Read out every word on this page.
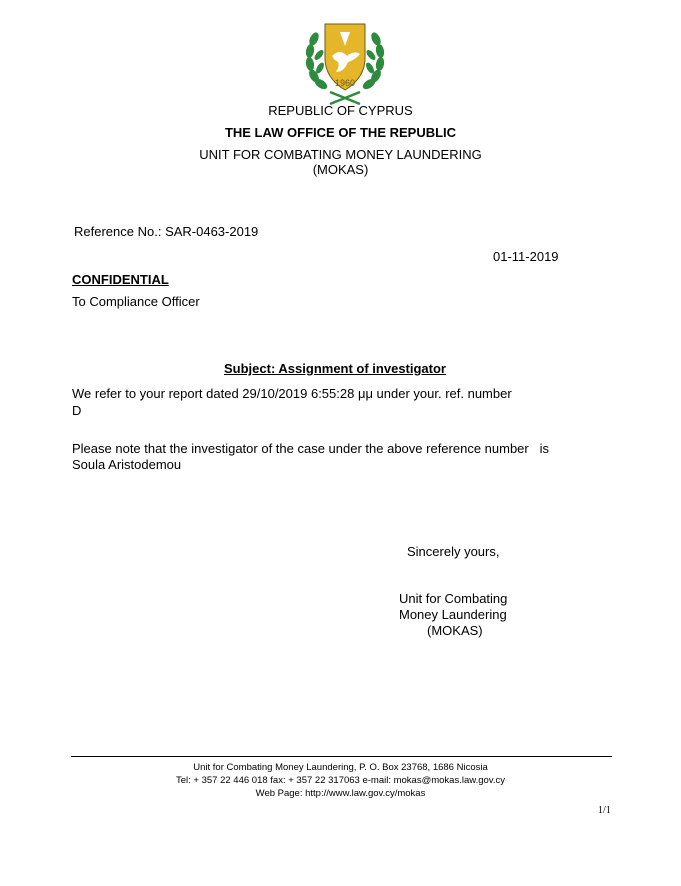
1960
REPUBLIC OF CYPRUS
THE LAW OFFICE OF THE REPUBLIC
UNIT FOR COMBATING MONEY LAUNDERING
(MOKAS)
Reference No.: SAR-0463-2019
01-11-2019
CONFIDENTIAL
To Compliance Officer
Subject: Assignment of investigator
We refer to your report dated 29/10/2019 6:55:28 μμ under your. ref. number
D
Please note that the investigator of the case under the above reference number   is
Soula Aristodemou
Sincerely yours,
Unit for Combating
Money Laundering
(MOKAS)
Unit for Combating Money Laundering, P. O. Box 23768, 1686 Nicosia
Tel: + 357 22 446 018 fax: + 357 22 317063 e-mail: mokas@mokas.law.gov.cy
Web Page: http://www.law.gov.cy/mokas
1/1
